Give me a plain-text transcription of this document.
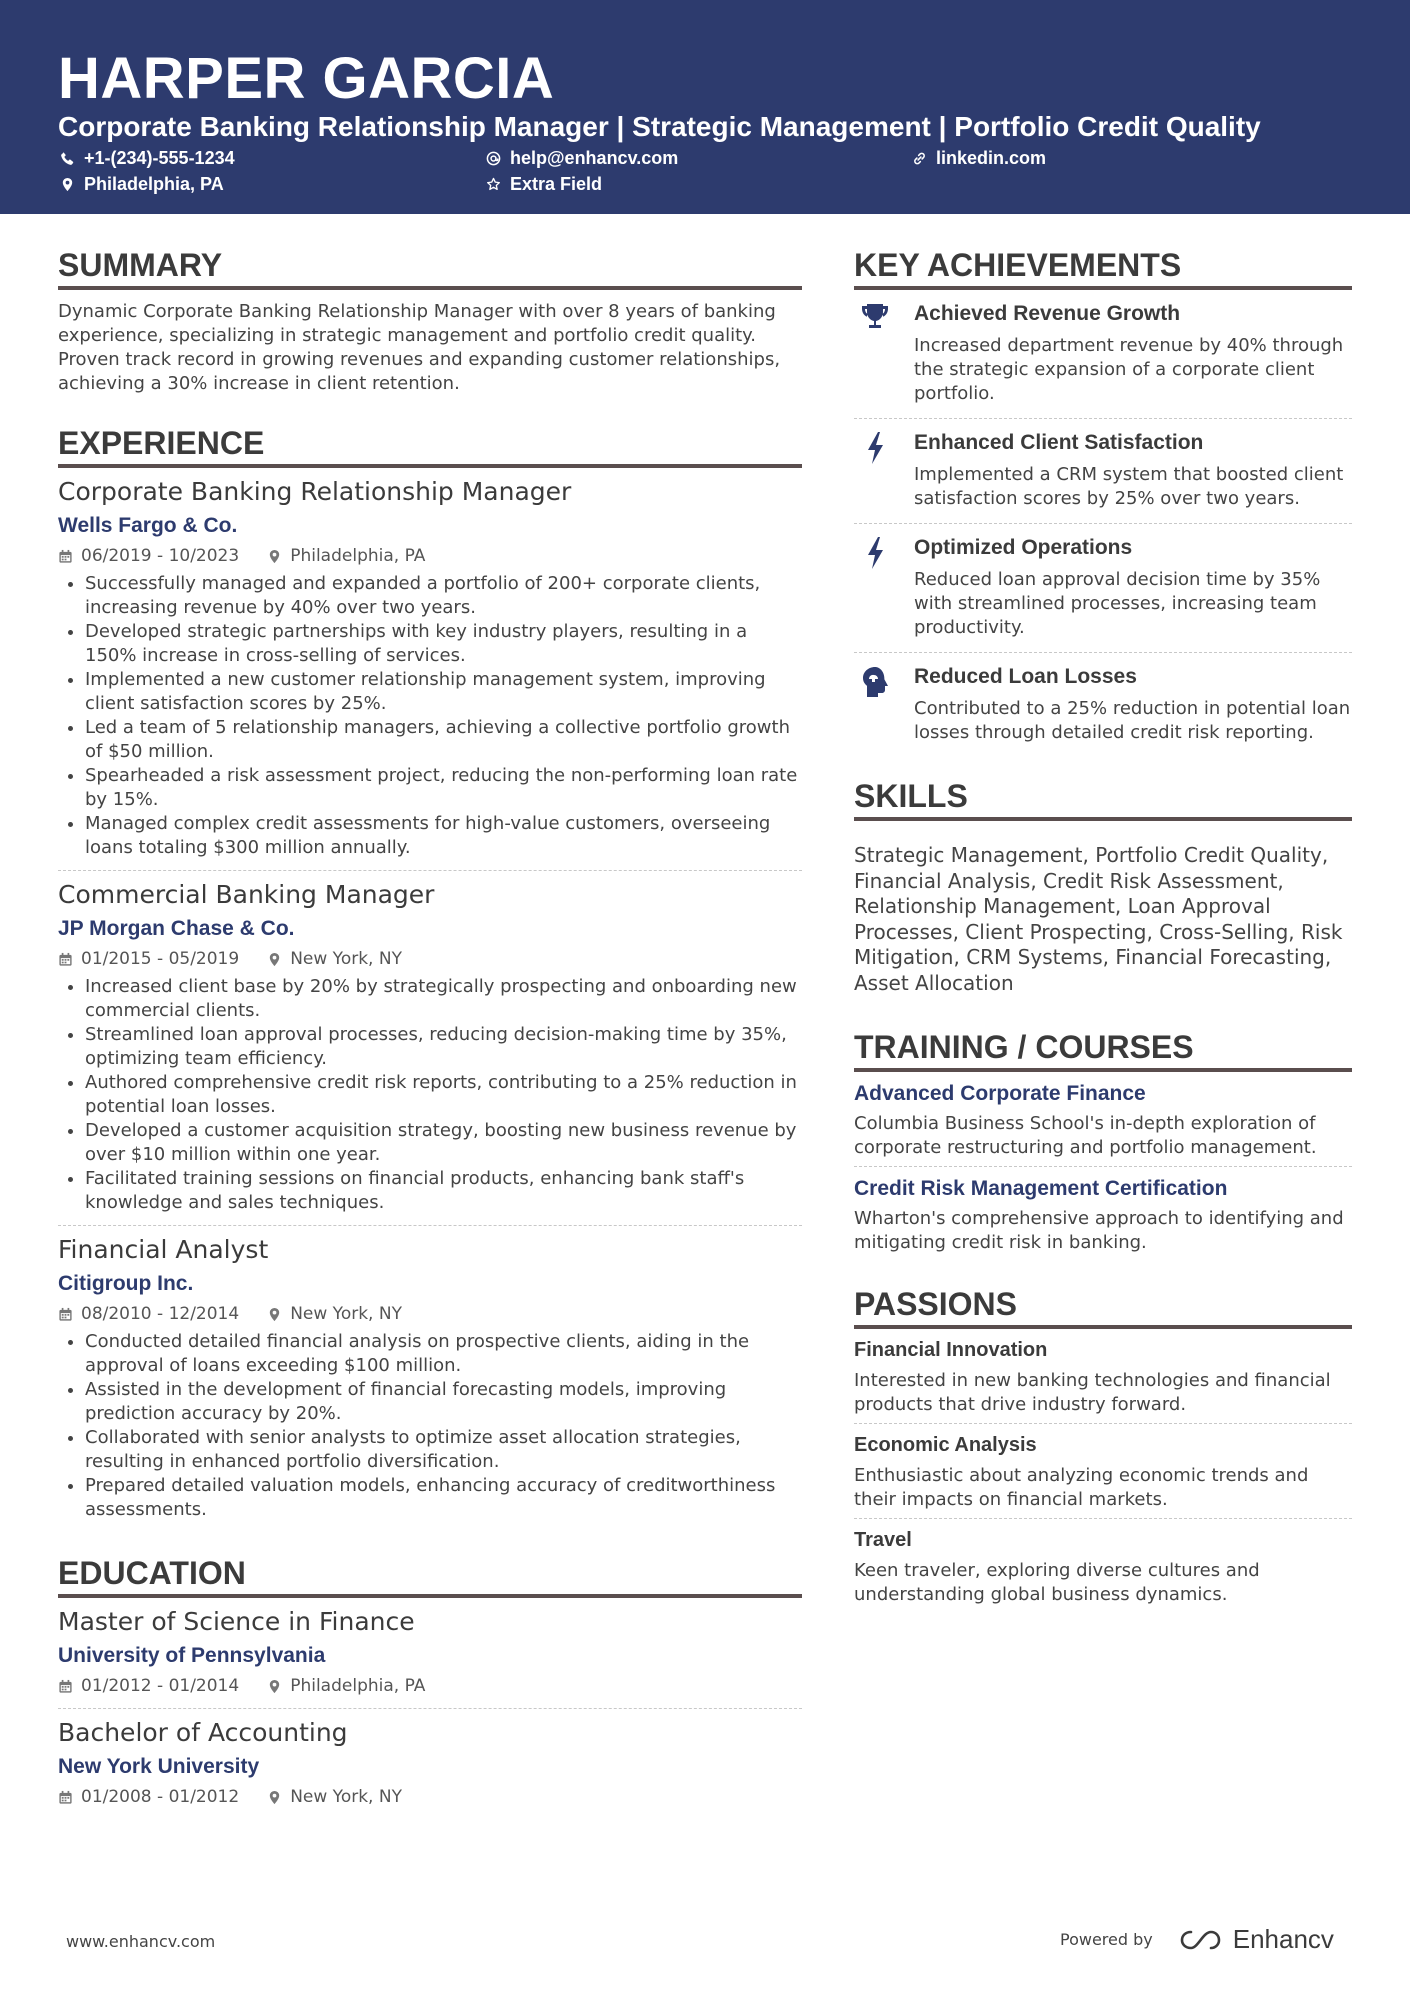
HARPER GARCIA
Corporate Banking Relationship Manager | Strategic Management | Portfolio Credit Quality
+1-(234)-555-1234	help@enhancv.com	linkedin.com
Philadelphia, PA	Extra Field
SUMMARY

Dynamic Corporate Banking Relationship Manager with over 8 years of banking experience, specializing in strategic management and portfolio credit quality. Proven track record in growing revenues and expanding customer relationships, achieving a 30% increase in client retention.

EXPERIENCE
Corporate Banking Relationship Manager
Wells Fargo & Co.
06/2019 - 10/2023	Philadelphia, PA
• Successfully managed and expanded a portfolio of 200+ corporate clients, increasing revenue by 40% over two years.
• Developed strategic partnerships with key industry players, resulting in a 150% increase in cross-selling of services.
• Implemented a new customer relationship management system, improving client satisfaction scores by 25%.
• Led a team of 5 relationship managers, achieving a collective portfolio growth of $50 million.
• Spearheaded a risk assessment project, reducing the non-performing loan rate by 15%.
• Managed complex credit assessments for high-value customers, overseeing loans totaling $300 million annually.
Commercial Banking Manager
JP Morgan Chase & Co.
01/2015 - 05/2019	New York, NY
• Increased client base by 20% by strategically prospecting and onboarding new commercial clients.
• Streamlined loan approval processes, reducing decision-making time by 35%, optimizing team efficiency.
• Authored comprehensive credit risk reports, contributing to a 25% reduction in potential loan losses.
• Developed a customer acquisition strategy, boosting new business revenue by over $10 million within one year.
• Facilitated training sessions on financial products, enhancing bank staff's knowledge and sales techniques.
Financial Analyst
Citigroup Inc.
08/2010 - 12/2014	New York, NY
• Conducted detailed financial analysis on prospective clients, aiding in the approval of loans exceeding $100 million.
• Assisted in the development of financial forecasting models, improving prediction accuracy by 20%.
• Collaborated with senior analysts to optimize asset allocation strategies, resulting in enhanced portfolio diversification.
• Prepared detailed valuation models, enhancing accuracy of creditworthiness assessments.
EDUCATION
Master of Science in Finance
University of Pennsylvania
01/2012 - 01/2014	Philadelphia, PA
Bachelor of Accounting
New York University
01/2008 - 01/2012	New York, NY
KEY ACHIEVEMENTS
Achieved Revenue Growth
Increased department revenue by 40% through the strategic expansion of a corporate client portfolio.
Enhanced Client Satisfaction
Implemented a CRM system that boosted client satisfaction scores by 25% over two years.
Optimized Operations
Reduced loan approval decision time by 35% with streamlined processes, increasing team productivity.
Reduced Loan Losses
Contributed to a 25% reduction in potential loan losses through detailed credit risk reporting.
SKILLS
Strategic Management, Portfolio Credit Quality, Financial Analysis, Credit Risk Assessment, Relationship Management, Loan Approval Processes, Client Prospecting, Cross-Selling, Risk Mitigation, CRM Systems, Financial Forecasting, Asset Allocation
TRAINING / COURSES
Advanced Corporate Finance
Columbia Business School's in-depth exploration of corporate restructuring and portfolio management.
Credit Risk Management Certification
Wharton's comprehensive approach to identifying and mitigating credit risk in banking.
PASSIONS
Financial Innovation
Interested in new banking technologies and financial products that drive industry forward.
Economic Analysis
Enthusiastic about analyzing economic trends and their impacts on financial markets.
Travel
Keen traveler, exploring diverse cultures and understanding global business dynamics.
www.enhancv.com	Powered by	Enhancv
